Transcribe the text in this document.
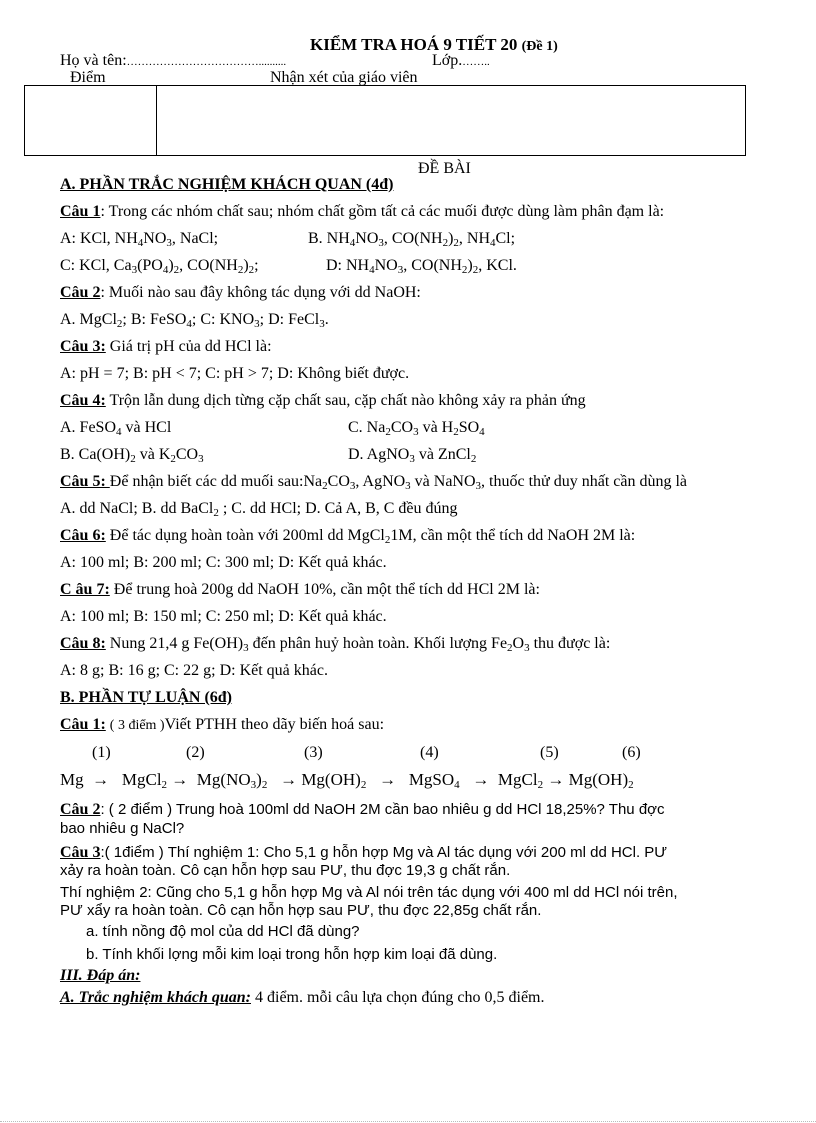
KIỂM TRA HOÁ 9 TIẾT 20 (Đề 1)
Họ và tên:………………………………..........	Lớp.……..
Điểm	Nhận xét của giáo viên
ĐỀ BÀI
A. PHẦN TRẮC NGHIỆM KHÁCH QUAN (4đ)
Câu 1: Trong các nhóm chất sau; nhóm chất gồm tất cả các muối được dùng làm phân đạm là:
A: KCl, $NH_4NO_3$, NaCl;	B. $NH_4NO_3$, $CO(NH_2)_2$, $NH_4Cl$;
C: KCl, $Ca_3(PO_4)_2$, $CO(NH_2)_2$;	D: $NH_4NO_3$, $CO(NH_2)_2$, KCl.
Câu 2: Muối nào sau đây không tác dụng với dd NaOH:
A. MgCl$_2$; B: FeSO$_4$; C: $KNO_3$; D: FeCl$_3$.
Câu 3: Giá trị pH của dd HCl là:
A: pH = 7; B: pH < 7; C: pH > 7; D: Không biết được.
Câu 4: Trộn lẫn dung dịch từng cặp chất sau, cặp chất nào không xảy ra phản ứng
A. FeSO$_4$ và HCl	C. $Na_2CO_3$ và $H_2SO_4$
B. $Ca(OH)_2$ và $K_2CO_3$	D. AgNO$_3$ và ZnCl$_2$
Câu 5: Để nhận biết các dd muối $sau:Na_2CO_3$, AgNO$_3$ và NaNO$_3$, thuốc thử duy nhất cần dùng là
A. dd NaCl; B. dd BaCl$_2$ ; C. dd HCl; D. Cả A, B, C đều đúng
Câu 6: Để tác dụng hoàn toàn với 200ml dd MgCl$_2$1M, cần một thể tích dd NaOH 2M là:
A: 100 ml; B: 200 ml; C: 300 ml; D: Kết quả khác.
C âu 7: Để trung hoà 200g dd NaOH 10%, cần một thể tích dd HCl 2M là:
A: 100 ml; B: 150 ml; C: 250 ml; D: Kết quả khác.
Câu 8: Nung 21,4 g $Fe(OH)_3$ đến phân huỷ hoàn toàn. Khối lượng $Fe_2O_3$ thu được là:
A: 8 g; B: 16 g; C: 22 g; D: Kết quả khác.
B. PHẦN TỰ LUẬN (6đ)
Câu 1: ( 3 điểm )Viết PTHH theo dãy biến hoá sau:
(1)	(2)	(3)	(4)	(5)	(6)
Mg  →   MgCl$_2$ →  $Mg(NO_3)_2 \to Mg(OH)_2$   →   MgSO$_4$   →  MgCl$_2$ → $Mg(OH)_2$
Câu 2: ( 2 điểm ) Trung hoà 100ml dd NaOH 2M cần bao nhiêu g dd HCl 18,25%? Thu đợc
bao nhiêu g NaCl?
Câu 3:( 1điểm ) Thí nghiệm 1: Cho 5,1 g hỗn hợp Mg và Al tác dụng với 200 ml dd HCl. PƯ
xảy ra hoàn toàn. Cô cạn hỗn hợp sau PƯ, thu đợc 19,3 g chất rắn.
Thí nghiệm 2: Cũng cho 5,1 g hỗn hợp Mg và Al nói trên tác dụng với 400 ml dd HCl nói trên,
PƯ xẩy ra hoàn toàn. Cô cạn hỗn hợp sau PƯ, thu đợc 22,85g chất rắn.
a. tính nồng độ mol của dd HCl đã dùng?
b. Tính khối lợng mỗi kim loại trong hỗn hợp kim loại đã dùng.
III. Đáp án:
A. Trắc nghiệm khách quan: 4 điểm. mỗi câu lựa chọn đúng cho 0,5 điểm.
